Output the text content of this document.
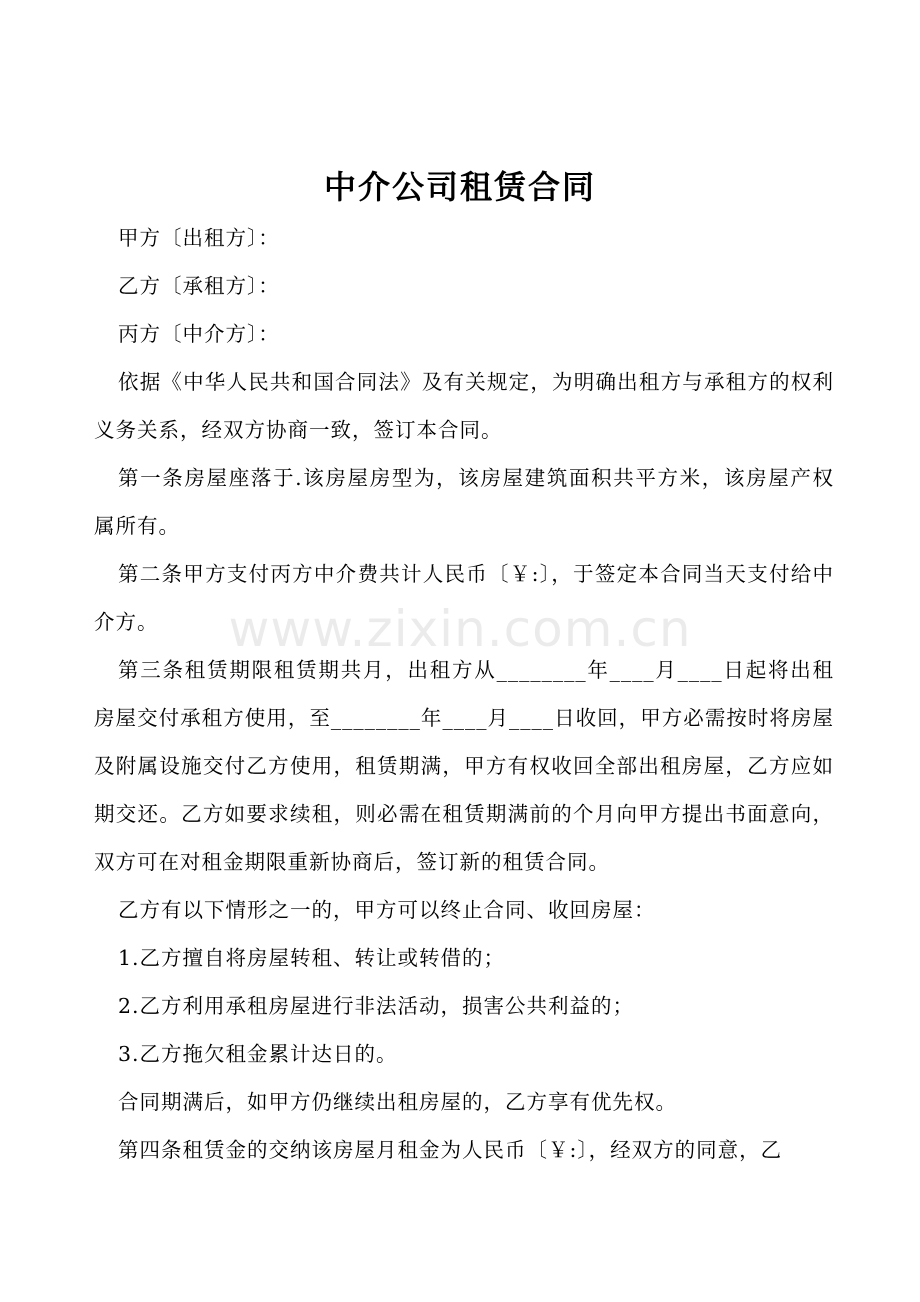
中介公司租赁合同

甲方〔出租方〕：

乙方〔承租方〕：

丙方〔中介方〕：

依据《中华人民共和国合同法》及有关规定，为明确出租方与承租方的权利义务关系，经双方协商一致，签订本合同。

第一条房屋座落于.该房屋房型为，该房屋建筑面积共平方米，该房屋产权属所有。

第二条甲方支付丙方中介费共计人民币〔￥:〕，于签定本合同当天支付给中介方。

第三条租赁期限租赁期共月，出租方从________年____月____日起将出租房屋交付承租方使用，至________年____月____日收回，甲方必需按时将房屋及附属设施交付乙方使用，租赁期满，甲方有权收回全部出租房屋，乙方应如期交还。乙方如要求续租，则必需在租赁期满前的个月向甲方提出书面意向，双方可在对租金期限重新协商后，签订新的租赁合同。

乙方有以下情形之一的，甲方可以终止合同、收回房屋：

1.乙方擅自将房屋转租、转让或转借的；

2.乙方利用承租房屋进行非法活动，损害公共利益的；

3.乙方拖欠租金累计达日的。

合同期满后，如甲方仍继续出租房屋的，乙方享有优先权。

第四条租赁金的交纳该房屋月租金为人民币〔￥:〕，经双方的同意，乙

www.zixin.com.cn
